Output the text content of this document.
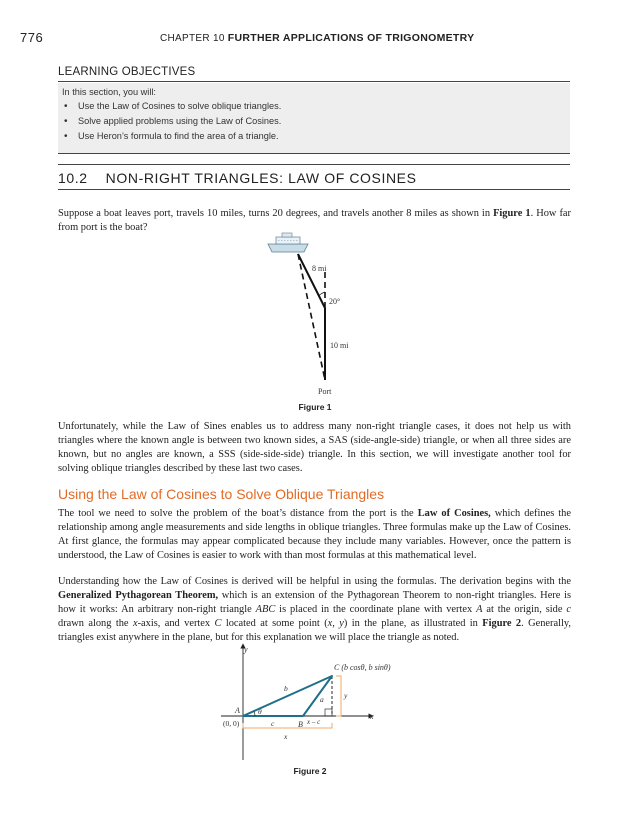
776	CHAPTER 10 FURTHER APPLICATIONS OF TRIGONOMETRY
LEARNING OBJECTIVES
In this section, you will:
• Use the Law of Cosines to solve oblique triangles.
• Solve applied problems using the Law of Cosines.
• Use Heron’s formula to find the area of a triangle.
10.2 NON-RIGHT TRIANGLES: LAW OF COSINES

Suppose a boat leaves port, travels 10 miles, turns 20 degrees, and travels another 8 miles as shown in Figure 1. How far from port is the boat?

8 mi
20°
10 mi
Port
Figure 1

Unfortunately, while the Law of Sines enables us to address many non-right triangle cases, it does not help us with triangles where the known angle is between two known sides, a SAS (side-angle-side) triangle, or when all three sides are known, but no angles are known, a SSS (side-side-side) triangle. In this section, we will investigate another tool for solving oblique triangles described by these last two cases.

Using the Law of Cosines to Solve Oblique Triangles

The tool we need to solve the problem of the boat’s distance from the port is the Law of Cosines, which defines the relationship among angle measurements and side lengths in oblique triangles. Three formulas make up the Law of Cosines. At first glance, the formulas may appear complicated because they include many variables. However, once the pattern is understood, the Law of Cosines is easier to work with than most formulas at this mathematical level.

Understanding how the Law of Cosines is derived will be helpful in using the formulas. The derivation begins with the Generalized Pythagorean Theorem, which is an extension of the Pythagorean Theorem to non-right triangles. Here is how it works: An arbitrary non-right triangle ABC is placed in the coordinate plane with vertex A at the origin, side c drawn along the x-axis, and vertex C located at some point (x, y) in the plane, as illustrated in Figure 2. Generally, triangles exist anywhere in the plane, but for this explanation we will place the triangle as noted.

y
x
C (b cosθ, b sinθ)
A θ
(0, 0)	c	B
b
a	y
x – c
x
Figure 2
